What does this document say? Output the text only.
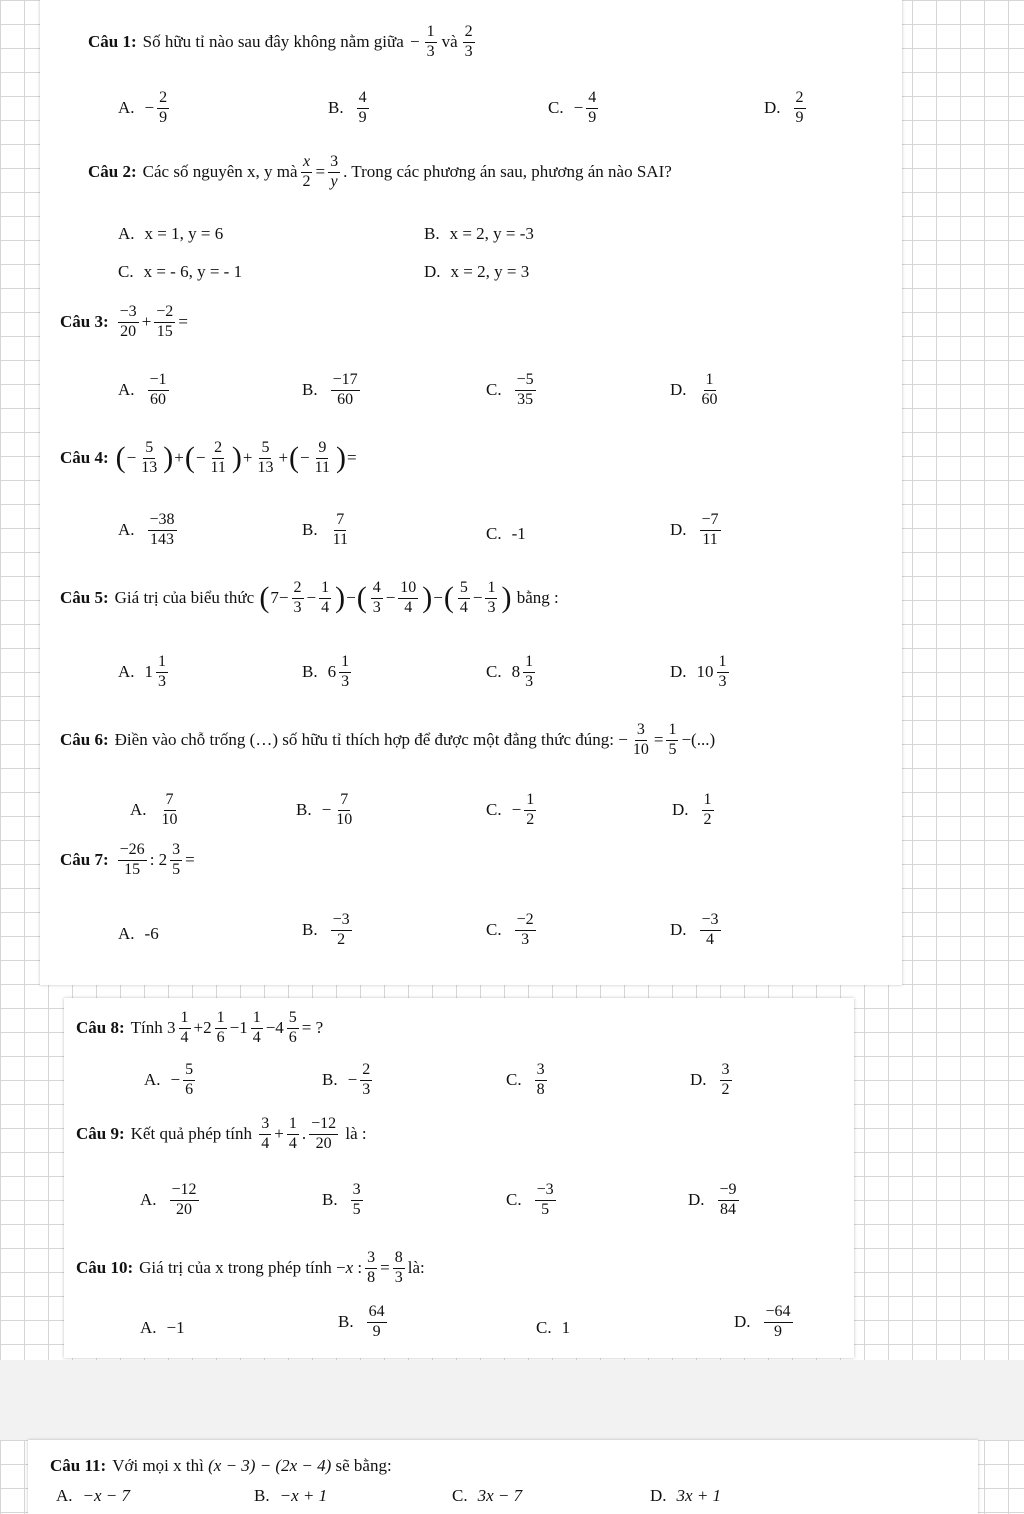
Câu 1: Số hữu tỉ nào sau đây không nằm giữa − $\frac{1}{3}$ và $\frac{2}{3}$
A. − $\frac{2}{9}$	B. $\frac{4}{9}$	C. − $\frac{4}{9}$	D. $\frac{2}{9}$
Câu 2: Các số nguyên x, y mà $\frac{x}{2} = \frac{3}{y}$ . Trong các phương án sau, phương án nào SAI?
A. x = 1, y = 6	B. x = 2, y = -3
C. x = - 6, y = - 1	D. x = 2, y = 3
Câu 3: $\frac{-3}{20} + \frac{-2}{15}$ =
A. $\frac{-1}{60}$	B. $\frac{-17}{60}$	C. $\frac{-5}{35}$	D. $\frac{1}{60}$
Câu 4: ( − $\frac{5}{13}$ ) + ( − $\frac{2}{11}$ ) + $\frac{5}{13}$ + ( − $\frac{9}{11}$ ) =
A. $\frac{-38}{143}$	B. $\frac{7}{11}$	C. -1	D. $\frac{-7}{11}$
Câu 5: Giá trị của biểu thức
( $7 - \frac{2}{3} - \frac{1}{4}$ ) − ( $\frac{4}{3} - \frac{10}{4}$ ) − ( $\frac{5}{4} - \frac{1}{3}$ )
bằng :
A. $1 \frac{1}{3}$	B. $6 \frac{1}{3}$	C. $8 \frac{1}{3}$	D. $10 \frac{1}{3}$
Câu 6: Điền vào chỗ trống (…) số hữu tỉ thích hợp để được một đẳng thức đúng: − $\frac{3}{10} = \frac{1}{5}$ − (...)
A. $\frac{7}{10}$	B. − $\frac{7}{10}$	C. − $\frac{1}{2}$	D. $\frac{1}{2}$
Câu 7: $\frac{-26}{15}$ : $2 \frac{3}{5}$ =
A. -6	B. $\frac{-3}{2}$	C. $\frac{-2}{3}$	D. $\frac{-3}{4}$
Câu 8: Tính
$3 \frac{1}{4} + 2 \frac{1}{6} - 1 \frac{1}{4} - 4 \frac{5}{6}$ = ?
A. − $\frac{5}{6}$	B. − $\frac{2}{3}$	C. $\frac{3}{8}$	D. $\frac{3}{2}$
Câu 9: Kết quả phép tính
$\frac{3}{4} + \frac{1}{4}$ . $\frac{-12}{20}$
là :
A. $\frac{-12}{20}$	B. $\frac{3}{5}$	C. $\frac{-3}{5}$	D. $\frac{-9}{84}$
Câu 10: Giá trị của x trong phép tính − x : $\frac{3}{8} = \frac{8}{3}$ là:
A. −1	B. $\frac{64}{9}$	C. 1	D. $\frac{-64}{9}$
Câu 11: Với mọi x thì
(x − 3) − (2x − 4)
sẽ bằng:
A. −x − 7	B. −x + 1	C. 3x − 7	D. 3x + 1
